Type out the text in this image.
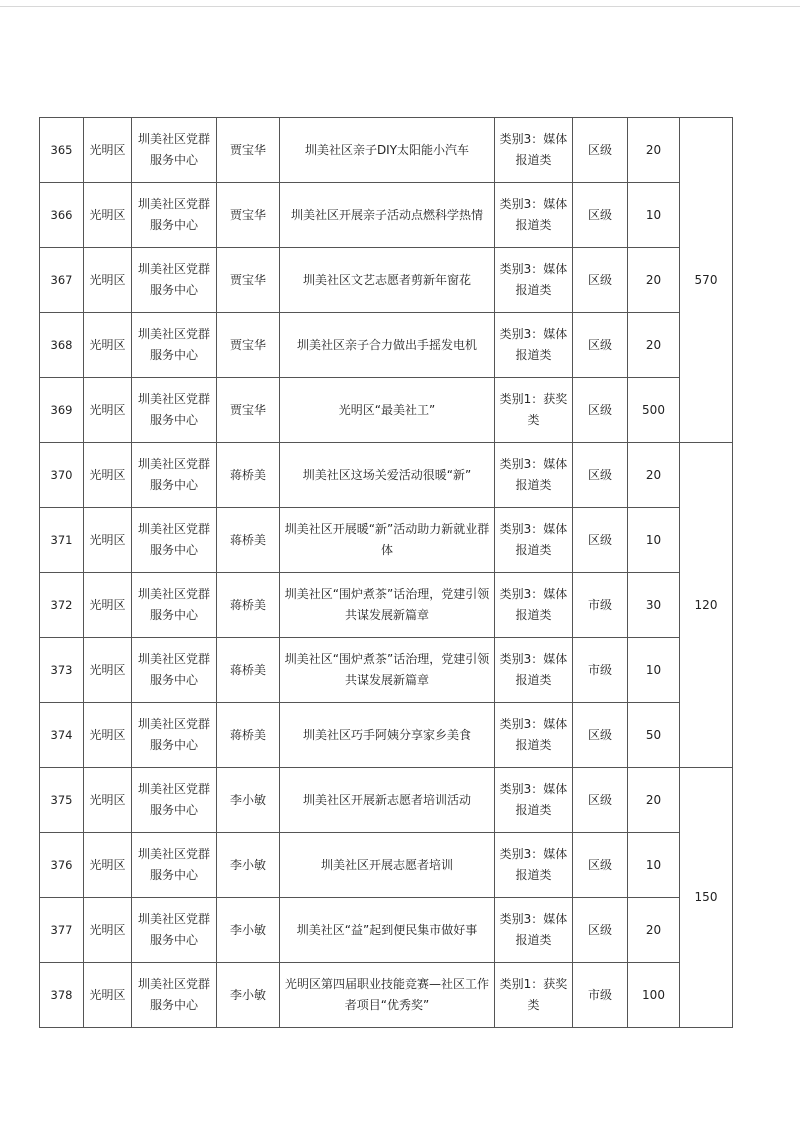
365	光明区	圳美社区党群
服务中心	贾宝华	圳美社区亲子DIY太阳能小汽车	类别3：媒体
报道类	区级	20	570
366	光明区	圳美社区党群
服务中心	贾宝华	圳美社区开展亲子活动点燃科学热情	类别3：媒体
报道类	区级	10	
367	光明区	圳美社区党群
服务中心	贾宝华	圳美社区文艺志愿者剪新年窗花	类别3：媒体
报道类	区级	20	
368	光明区	圳美社区党群
服务中心	贾宝华	圳美社区亲子合力做出手摇发电机	类别3：媒体
报道类	区级	20	
369	光明区	圳美社区党群
服务中心	贾宝华	光明区“最美社工”	类别1：获奖
类	区级	500	
370	光明区	圳美社区党群
服务中心	蒋桥美	圳美社区这场关爱活动很暖“新”	类别3：媒体
报道类	区级	20	120
371	光明区	圳美社区党群
服务中心	蒋桥美	圳美社区开展暖“新”活动助力新就业群
体	类别3：媒体
报道类	区级	10	
372	光明区	圳美社区党群
服务中心	蒋桥美	圳美社区“围炉煮茶”话治理，党建引领
共谋发展新篇章	类别3：媒体
报道类	市级	30	
373	光明区	圳美社区党群
服务中心	蒋桥美	圳美社区“围炉煮茶”话治理，党建引领
共谋发展新篇章	类别3：媒体
报道类	市级	10	
374	光明区	圳美社区党群
服务中心	蒋桥美	圳美社区巧手阿姨分享家乡美食	类别3：媒体
报道类	区级	50	
375	光明区	圳美社区党群
服务中心	李小敏	圳美社区开展新志愿者培训活动	类别3：媒体
报道类	区级	20	150
376	光明区	圳美社区党群
服务中心	李小敏	圳美社区开展志愿者培训	类别3：媒体
报道类	区级	10	
377	光明区	圳美社区党群
服务中心	李小敏	圳美社区“益”起到便民集市做好事	类别3：媒体
报道类	区级	20	
378	光明区	圳美社区党群
服务中心	李小敏	光明区第四届职业技能竞赛—社区工作
者项目“优秀奖”	类别1：获奖
类	市级	100	
